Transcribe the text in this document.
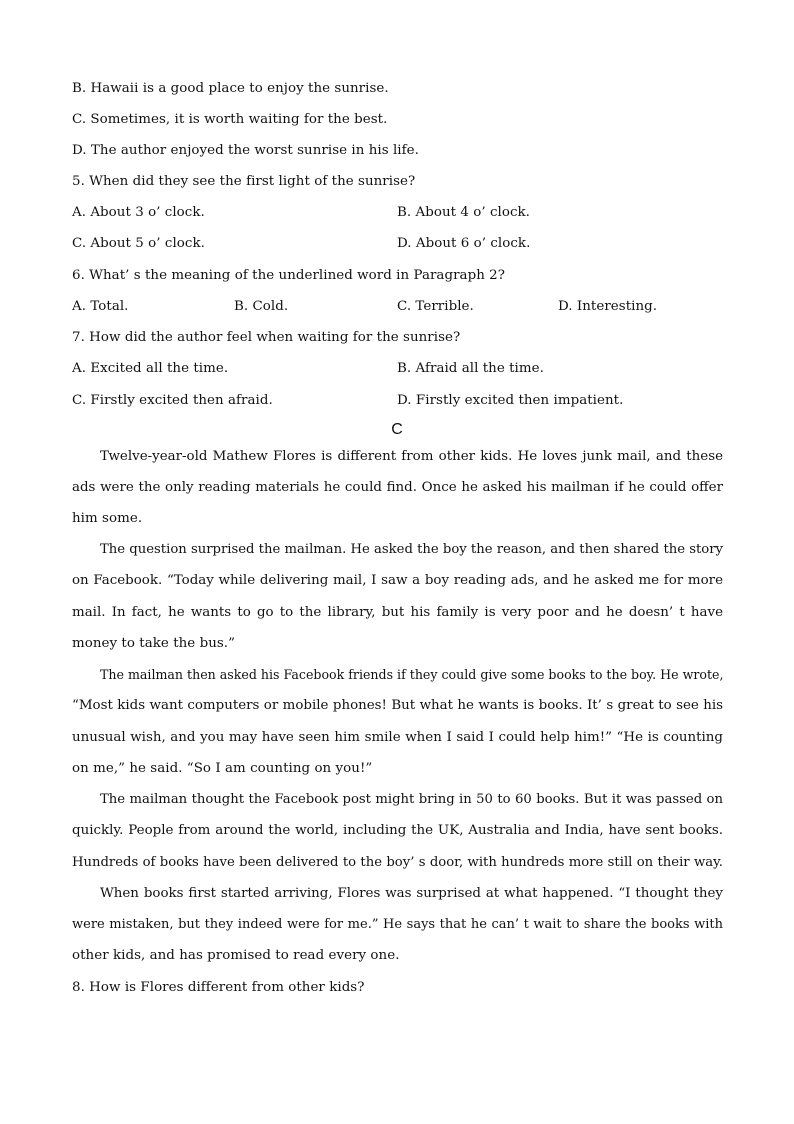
B. Hawaii is a good place to enjoy the sunrise.
C. Sometimes, it is worth waiting for the best.
D. The author enjoyed the worst sunrise in his life.
5. When did they see the first light of the sunrise?
A. About 3 o’ clock.	B. About 4 o’ clock.
C. About 5 o’ clock.	D. About 6 o’ clock.
6. What’ s the meaning of the underlined word in Paragraph 2?
A. Total.	B. Cold.	C. Terrible.	D. Interesting.
7. How did the author feel when waiting for the sunrise?
A. Excited all the time.	B. Afraid all the time.
C. Firstly excited then afraid.	D. Firstly excited then impatient.
C
Twelve-year-old Mathew Flores is different from other kids. He loves junk mail, and these
ads were the only reading materials he could find. Once he asked his mailman if he could offer
him some.
The question surprised the mailman. He asked the boy the reason, and then shared the story
on Facebook. “Today while delivering mail, I saw a boy reading ads, and he asked me for more
mail. In fact, he wants to go to the library, but his family is very poor and he doesn’ t have
money to take the bus.”
The mailman then asked his Facebook friends if they could give some books to the boy. He wrote,
“Most kids want computers or mobile phones! But what he wants is books. It’ s great to see his
unusual wish, and you may have seen him smile when I said I could help him!” “He is counting
on me,” he said. “So I am counting on you!”
The mailman thought the Facebook post might bring in 50 to 60 books. But it was passed on
quickly. People from around the world, including the UK, Australia and India, have sent books.
Hundreds of books have been delivered to the boy’ s door, with hundreds more still on their way.
When books first started arriving, Flores was surprised at what happened. “I thought they
were mistaken, but they indeed were for me.” He says that he can’ t wait to share the books with
other kids, and has promised to read every one.
8. How is Flores different from other kids?
